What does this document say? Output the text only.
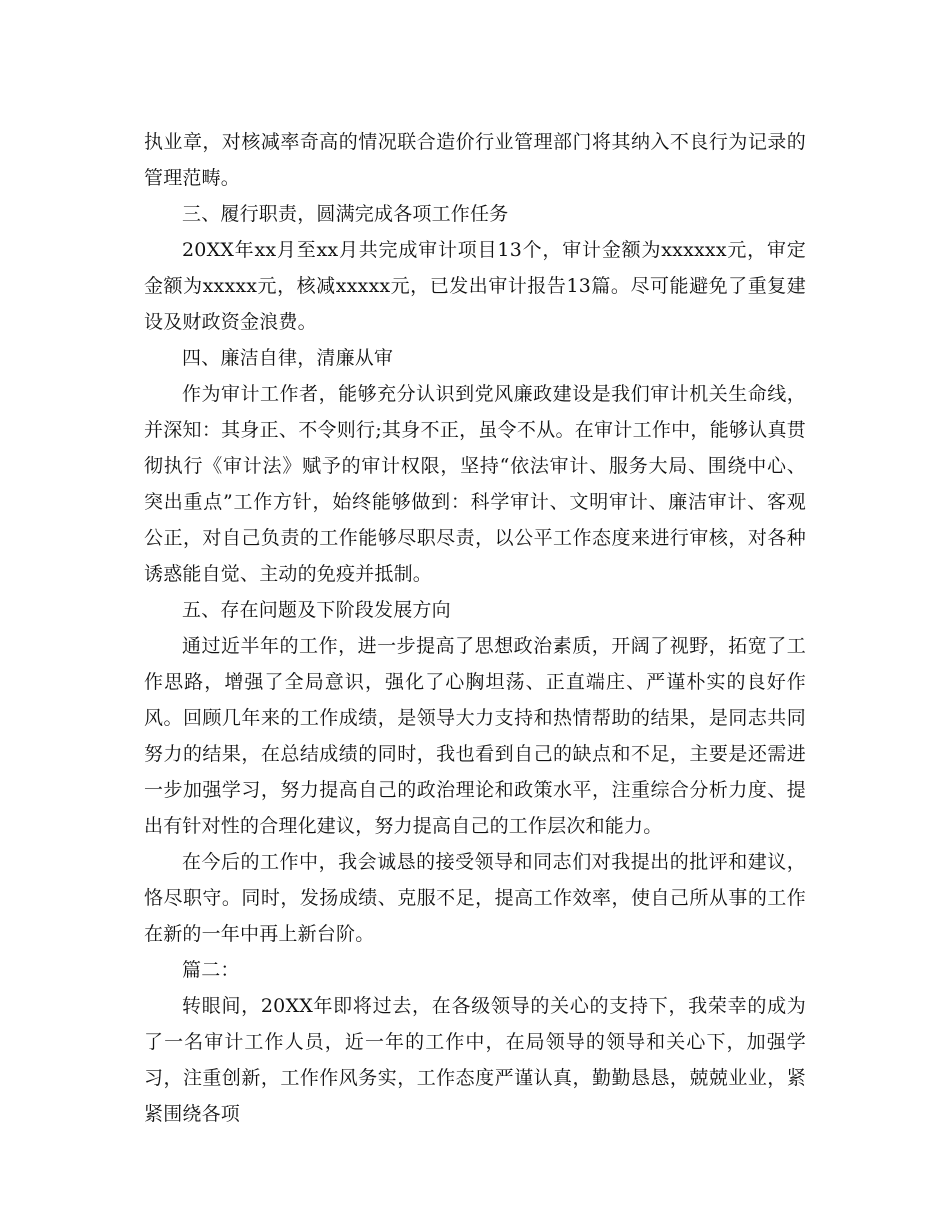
执业章，对核减率奇高的情况联合造价行业管理部门将其纳入不良行为记录的管理范畴。

三、履行职责，圆满完成各项工作任务

20XX年xx月至xx月共完成审计项目13个，审计金额为xxxxxx元，审定金额为xxxxx元，核减xxxxx元，已发出审计报告13篇。尽可能避免了重复建设及财政资金浪费。

四、廉洁自律，清廉从审

作为审计工作者，能够充分认识到党风廉政建设是我们审计机关生命线，并深知：其身正、不令则行;其身不正，虽令不从。在审计工作中，能够认真贯彻执行《审计法》赋予的审计权限，坚持“依法审计、服务大局、围绕中心、突出重点”工作方针，始终能够做到：科学审计、文明审计、廉洁审计、客观公正，对自己负责的工作能够尽职尽责，以公平工作态度来进行审核，对各种诱惑能自觉、主动的免疫并抵制。

五、存在问题及下阶段发展方向

通过近半年的工作，进一步提高了思想政治素质，开阔了视野，拓宽了工作思路，增强了全局意识，强化了心胸坦荡、正直端庄、严谨朴实的良好作风。回顾几年来的工作成绩，是领导大力支持和热情帮助的结果，是同志共同努力的结果，在总结成绩的同时，我也看到自己的缺点和不足，主要是还需进一步加强学习，努力提高自己的政治理论和政策水平，注重综合分析力度、提出有针对性的合理化建议，努力提高自己的工作层次和能力。

在今后的工作中，我会诚恳的接受领导和同志们对我提出的批评和建议，恪尽职守。同时，发扬成绩、克服不足，提高工作效率，使自己所从事的工作在新的一年中再上新台阶。

篇二：

转眼间，20XX年即将过去，在各级领导的关心的支持下，我荣幸的成为了一名审计工作人员，近一年的工作中，在局领导的领导和关心下，加强学习，注重创新，工作作风务实，工作态度严谨认真，勤勤恳恳，兢兢业业，紧紧围绕各项
